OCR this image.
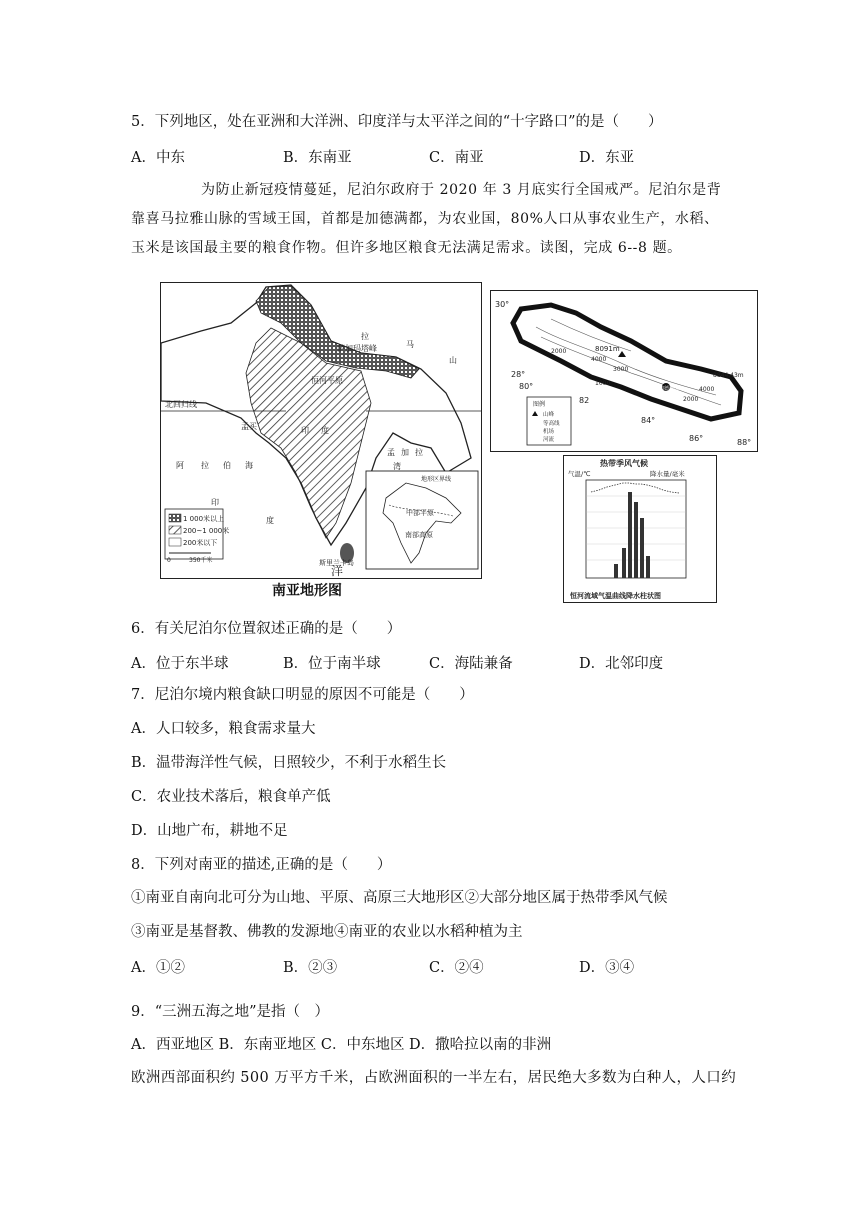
5．下列地区，处在亚洲和大洋洲、印度洋与太平洋之间的“十字路口”的是（　　）
A．中东	B．东南亚	C．南亚	D．东亚
为防止新冠疫情蔓延，尼泊尔政府于 2020 年 3 月底实行全国戒严。尼泊尔是背靠喜马拉雅山脉的雪域王国，首都是加德满都，为农业国，80%人口从事农业生产，水稻、玉米是该国最主要的粮食作物。但许多地区粮食无法满足需求。读图，完成 6--8 题。
北回归线
拉
马
山
萨加玛塔峰
恒河平原
印 度
阿 拉 伯 海
孟 加 拉
湾
孟买
印
度
洋
斯里兰卡岛
1 000米以上
200~1 000米
200米以下
0	350千米
地形区界线
中部平原
南部高原
南亚地形图
30°
28°
80°
82
84°
86°	88°
8091m
8844.43m
2000
1000
4000
2000
4000
3000
加德满都
图例
山峰
等高线
机场
河流
热带季风气候
气温/℃	降水量/毫米
恒河流域气温曲线降水柱状图
6．有关尼泊尔位置叙述正确的是（　　）
A．位于东半球	B．位于南半球	C．海陆兼备	D．北邻印度
7．尼泊尔境内粮食缺口明显的原因不可能是（　　）
A．人口较多，粮食需求量大
B．温带海洋性气候，日照较少，不利于水稻生长
C．农业技术落后，粮食单产低
D．山地广布，耕地不足
8．下列对南亚的描述,正确的是（　　）
①南亚自南向北可分为山地、平原、高原三大地形区②大部分地区属于热带季风气候
③南亚是基督教、佛教的发源地④南亚的农业以水稻种植为主
A．①②	B．②③	C．②④	D．③④
9．“三洲五海之地”是指（　）
A．西亚地区 B．东南亚地区 C．中东地区 D．撒哈拉以南的非洲
欧洲西部面积约 500 万平方千米，占欧洲面积的一半左右，居民绝大多数为白种人，人口约
